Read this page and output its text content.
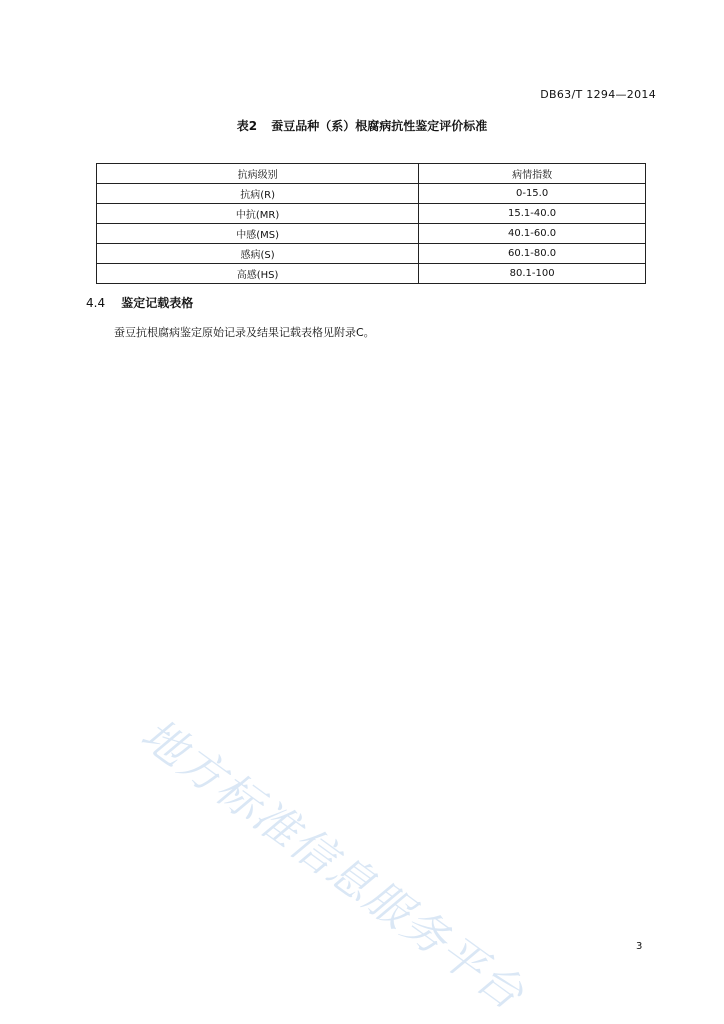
DB63/T 1294—2014
表2 蚕豆品种（系）根腐病抗性鉴定评价标准
抗病级别	病情指数
抗病(R)	0-15.0
中抗(MR)	15.1-40.0
中感(MS)	40.1-60.0
感病(S)	60.1-80.0
高感(HS)	80.1-100
4.4 鉴定记载表格
蚕豆抗根腐病鉴定原始记录及结果记载表格见附录C。
地方标准信息服务平台	3
